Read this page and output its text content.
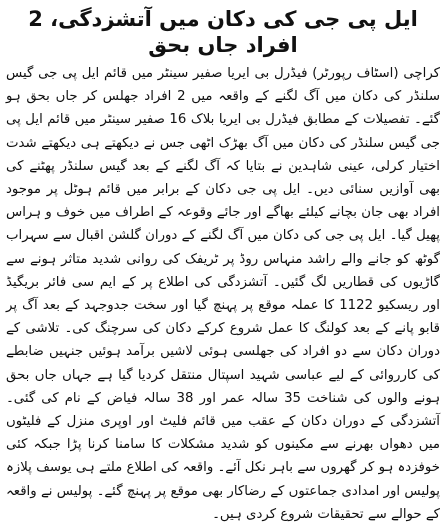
ایل پی جی کی دکان میں آتشزدگی، 2 افراد جاں بحق

کراچی (اسٹاف رپورٹر) فیڈرل بی ایریا صفیر سینٹر میں قائم ایل پی جی گیس سلنڈر کی دکان میں آگ لگنے کے واقعہ میں 2 افراد جھلس کر جاں بحق ہو گئے۔ تفصیلات کے مطابق فیڈرل بی ایریا بلاک 16 صفیر سینٹر میں قائم ایل پی جی گیس سلنڈر کی دکان میں آگ بھڑک اٹھی جس نے دیکھتے ہی دیکھتے شدت اختیار کرلی، عینی شاہدین نے بتایا کہ آگ لگنے کے بعد گیس سلنڈر پھٹنے کی بھی آوازیں سنائی دیں۔ ایل پی جی دکان کے برابر میں قائم ہوٹل پر موجود افراد بھی جان بچانے کیلئے بھاگے اور جائے وقوعہ کے اطراف میں خوف و ہراس پھیل گیا۔ ایل پی جی کی دکان میں آگ لگنے کے دوران گلشن اقبال سے سہراب گوٹھ کو جانے والے راشد منہاس روڈ پر ٹریفک کی روانی شدید متاثر ہونے سے گاڑیوں کی قطاریں لگ گئیں۔ آتشزدگی کی اطلاع پر کے ایم سی فائر بریگیڈ اور ریسکیو 1122 کا عملہ موقع پر پہنچ گیا اور سخت جدوجہد کے بعد آگ پر قابو پانے کے بعد کولنگ کا عمل شروع کرکے دکان کی سرچنگ کی۔ تلاشی کے دوران دکان سے دو افراد کی جھلسی ہوئی لاشیں برآمد ہوئیں جنہیں ضابطے کی کارروائی کے لیے عباسی شہید اسپتال منتقل کردیا گیا ہے جہاں جاں بحق ہونے والوں کی شناخت 35 سالہ عمر اور 38 سالہ فیاض کے نام کی گئی۔ آتشزدگی کے دوران دکان کے عقب میں قائم فلیٹ اور اوپری منزل کے فلیٹوں میں دھواں بھرنے سے مکینوں کو شدید مشکلات کا سامنا کرنا پڑا جبکہ کئی خوفزدہ ہو کر گھروں سے باہر نکل آئے۔ واقعہ کی اطلاع ملتے ہی یوسف پلازہ پولیس اور امدادی جماعتوں کے رضاکار بھی موقع پر پہنچ گئے۔ پولیس نے واقعہ کے حوالے سے تحقیقات شروع کردی ہیں۔
